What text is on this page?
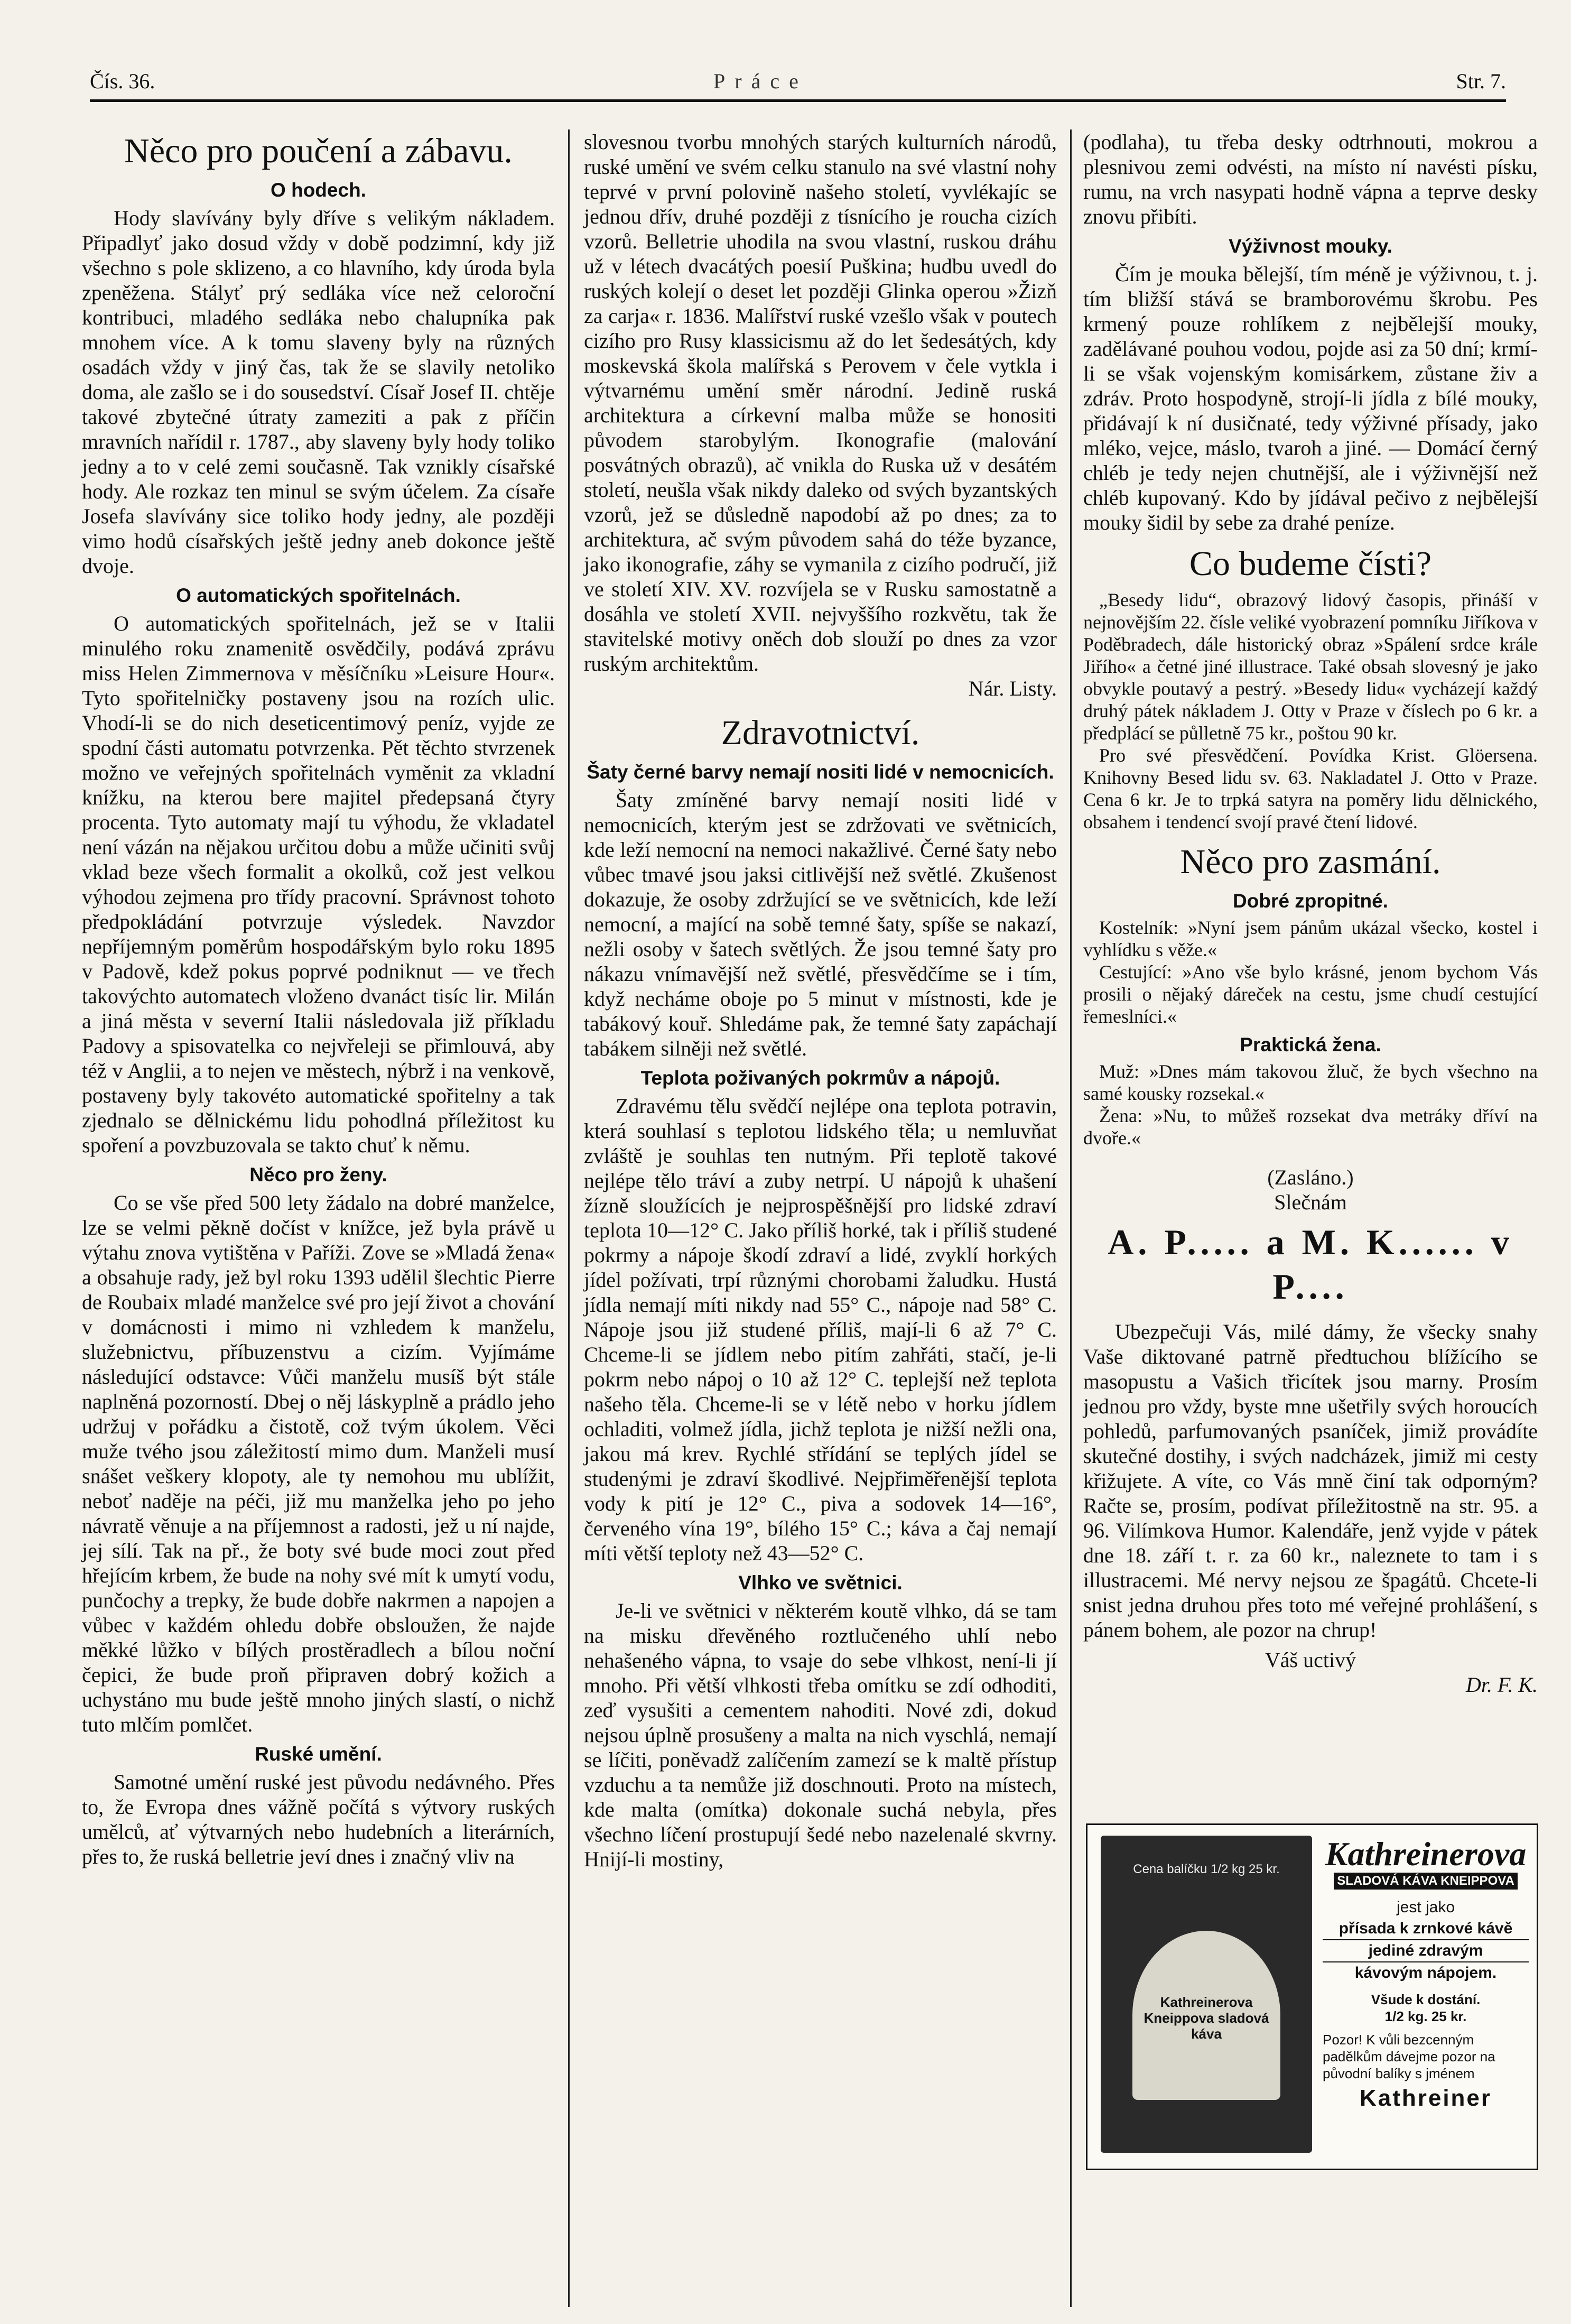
Čís. 36.	Práce	Str. 7.
Něco pro poučení a zábavu.
O hodech.

Hody slavívány byly dříve s velikým nákladem. Připadlyť jako dosud vždy v době podzimní, kdy již všechno s pole sklizeno, a co hlavního, kdy úroda byla zpeněžena. Stályť prý sedláka více než celoroční kontribuci, mladého sedláka nebo chalupníka pak mnohem více. A k tomu slaveny byly na různých osadách vždy v jiný čas, tak že se slavily netoliko doma, ale zašlo se i do sousedství. Císař Josef II. chtěje takové zbytečné útraty zameziti a pak z příčin mravních nařídil r. 1787., aby slaveny byly hody toliko jedny a to v celé zemi současně. Tak vznikly císařské hody. Ale rozkaz ten minul se svým účelem. Za císaře Josefa slavívány sice toliko hody jedny, ale později vimo hodů císařských ještě jedny aneb dokonce ještě dvoje.

O automatických spořitelnách.

O automatických spořitelnách, jež se v Italii minulého roku znamenitě osvědčily, podává zprávu miss Helen Zimmernova v měsíčníku »Leisure Hour«. Tyto spořitelničky postaveny jsou na rozích ulic. Vhodí-li se do nich deseticentimový peníz, vyjde ze spodní části automatu potvrzenka. Pět těchto stvrzenek možno ve veřejných spořitelnách vyměnit za vkladní knížku, na kterou bere majitel předepsaná čtyry procenta. Tyto automaty mají tu výhodu, že vkladatel není vázán na nějakou určitou dobu a může učiniti svůj vklad beze všech formalit a okolků, což jest velkou výhodou zejmena pro třídy pracovní. Správnost tohoto předpokládání potvrzuje výsledek. Navzdor nepříjemným poměrům hospodářským bylo roku 1895 v Padově, kdež pokus poprvé podniknut — ve třech takovýchto automatech vloženo dvanáct tisíc lir. Milán a jiná města v severní Italii následovala již příkladu Padovy a spisovatelka co nejvřeleji se přimlouvá, aby též v Anglii, a to nejen ve městech, nýbrž i na venkově, postaveny byly takovéto automatické spořitelny a tak zjednalo se dělnickému lidu pohodlná příležitost ku spoření a povzbuzovala se takto chuť k němu.

Něco pro ženy.

Co se vše před 500 lety žádalo na dobré manželce, lze se velmi pěkně dočíst v knížce, jež byla právě u výtahu znova vytištěna v Paříži. Zove se »Mladá žena« a obsahuje rady, jež byl roku 1393 udělil šlechtic Pierre de Roubaix mladé manželce své pro její život a chování v domácnosti i mimo ni vzhledem k manželu, služebnictvu, příbuzenstvu a cizím. Vyjímáme následující odstavce: Vůči manželu musíš být stále naplněná pozorností. Dbej o něj láskyplně a prádlo jeho udržuj v pořádku a čistotě, což tvým úkolem. Věci muže tvého jsou záležitostí mimo dum. Manželi musí snášet veškery klopoty, ale ty nemohou mu ublížit, neboť naděje na péči, již mu manželka jeho po jeho návratě věnuje a na příjemnost a radosti, jež u ní najde, jej sílí. Tak na př., že boty své bude moci zout před hřejícím krbem, že bude na nohy své mít k umytí vodu, punčochy a trepky, že bude dobře nakrmen a napojen a vůbec v každém ohledu dobře obsloužen, že najde měkké lůžko v bílých prostěradlech a bílou noční čepici, že bude proň připraven dobrý kožich a uchystáno mu bude ještě mnoho jiných slastí, o nichž tuto mlčím pomlčet.

Ruské umění.

Samotné umění ruské jest původu nedávného. Přes to, že Evropa dnes vážně počítá s výtvory ruských umělců, ať výtvarných nebo hudebních a literárních, přes to, že ruská belletrie jeví dnes i značný vliv na

slovesnou tvorbu mnohých starých kulturních národů, ruské umění ve svém celku stanulo na své vlastní nohy teprvé v první polovině našeho století, vyvlékajíc se jednou dřív, druhé později z tísnícího je roucha cizích vzorů. Belletrie uhodila na svou vlastní, ruskou dráhu už v létech dvacátých poesií Puškina; hudbu uvedl do ruských kolejí o deset let později Glinka operou »Žizň za carja« r. 1836. Malířství ruské vzešlo však v poutech cizího pro Rusy klassicismu až do let šedesátých, kdy moskevská škola malířská s Perovem v čele vytkla i výtvarnému umění směr národní. Jedině ruská architektura a církevní malba může se honositi původem starobylým. Ikonografie (malování posvátných obrazů), ač vnikla do Ruska už v desátém století, neušla však nikdy daleko od svých byzantských vzorů, jež se důsledně napodobí až po dnes; za to architektura, ač svým původem sahá do téže byzance, jako ikonografie, záhy se vymanila z cizího područí, již ve století XIV. XV. rozvíjela se v Rusku samostatně a dosáhla ve století XVII. nejvyššího rozkvětu, tak že stavitelské motivy oněch dob slouží po dnes za vzor ruským architektům.

Nár. Listy.

Zdravotnictví.
Šaty černé barvy nemají nositi lidé v nemocnicích.

Šaty zmíněné barvy nemají nositi lidé v nemocnicích, kterým jest se zdržovati ve světnicích, kde leží nemocní na nemoci nakažlivé. Černé šaty nebo vůbec tmavé jsou jaksi citlivější než světlé. Zkušenost dokazuje, že osoby zdržující se ve světnicích, kde leží nemocní, a mající na sobě temné šaty, spíše se nakazí, nežli osoby v šatech světlých. Že jsou temné šaty pro nákazu vnímavější než světlé, přesvědčíme se i tím, když necháme oboje po 5 minut v místnosti, kde je tabákový kouř. Shledáme pak, že temné šaty zapáchají tabákem silněji než světlé.

Teplota poživaných pokrmův a nápojů.

Zdravému tělu svědčí nejlépe ona teplota potravin, která souhlasí s teplotou lidského těla; u nemluvňat zvláště je souhlas ten nutným. Při teplotě takové nejlépe tělo tráví a zuby netrpí. U nápojů k uhašení žízně sloužících je nejprospěšnější pro lidské zdraví teplota 10—12° C. Jako příliš horké, tak i příliš studené pokrmy a nápoje škodí zdraví a lidé, zvyklí horkých jídel požívati, trpí různými chorobami žaludku. Hustá jídla nemají míti nikdy nad 55° C., nápoje nad 58° C. Nápoje jsou již studené příliš, mají-li 6 až 7° C. Chceme-li se jídlem nebo pitím zahřáti, stačí, je-li pokrm nebo nápoj o 10 až 12° C. teplejší než teplota našeho těla. Chceme-li se v létě nebo v horku jídlem ochladiti, volmež jídla, jichž teplota je nižší nežli ona, jakou má krev. Rychlé střídání se teplých jídel se studenými je zdraví škodlivé. Nejpřiměřenější teplota vody k pití je 12° C., piva a sodovek 14—16°, červeného vína 19°, bílého 15° C.; káva a čaj nemají míti větší teploty než 43—52° C.

Vlhko ve světnici.

Je-li ve světnici v některém koutě vlhko, dá se tam na misku dřevěného roztlučeného uhlí nebo nehašeného vápna, to vsaje do sebe vlhkost, není-li jí mnoho. Při větší vlhkosti třeba omítku se zdí odhoditi, zeď vysušiti a cementem nahoditi. Nové zdi, dokud nejsou úplně prosušeny a malta na nich vyschlá, nemají se líčiti, poněvadž zalíčením zamezí se k maltě přístup vzduchu a ta nemůže již doschnouti. Proto na místech, kde malta (omítka) dokonale suchá nebyla, přes všechno líčení prostupují šedé nebo nazelenalé skvrny. Hnijí-li mostiny,

(podlaha), tu třeba desky odtrhnouti, mokrou a plesnivou zemi odvésti, na místo ní navésti písku, rumu, na vrch nasypati hodně vápna a teprve desky znovu přibíti.

Výživnost mouky.

Čím je mouka bělejší, tím méně je výživnou, t. j. tím bližší stává se bramborovému škrobu. Pes krmený pouze rohlíkem z nejbělejší mouky, zadělávané pouhou vodou, pojde asi za 50 dní; krmí-li se však vojenským komisárkem, zůstane živ a zdráv. Proto hospodyně, strojí-li jídla z bílé mouky, přidávají k ní dusičnaté, tedy výživné přísady, jako mléko, vejce, máslo, tvaroh a jiné. — Domácí černý chléb je tedy nejen chutnější, ale i výživnější než chléb kupovaný. Kdo by jídával pečivo z nejbělejší mouky šidil by sebe za drahé peníze.

Co budeme čísti?

„Besedy lidu“, obrazový lidový časopis, přináší v nejnovějším 22. čísle veliké vyobrazení pomníku Jiříkova v Poděbradech, dále historický obraz »Spálení srdce krále Jiřího« a četné jiné illustrace. Také obsah slovesný je jako obvykle poutavý a pestrý. »Besedy lidu« vycházejí každý druhý pátek nákladem J. Otty v Praze v číslech po 6 kr. a předplácí se půlletně 75 kr., poštou 90 kr.

Pro své přesvědčení. Povídka Krist. Glöersena. Knihovny Besed lidu sv. 63. Nakladatel J. Otto v Praze. Cena 6 kr. Je to trpká satyra na poměry lidu dělnického, obsahem i tendencí svojí pravé čtení lidové.

Něco pro zasmání.
Dobré zpropitné.

Kostelník: »Nyní jsem pánům ukázal všecko, kostel i vyhlídku s věže.«

Cestující: »Ano vše bylo krásné, jenom bychom Vás prosili o nějaký dáreček na cestu, jsme chudí cestující řemeslníci.«

Praktická žena.

Muž: »Dnes mám takovou žluč, že bych všechno na samé kousky rozsekal.«

Žena: »Nu, to můžeš rozsekat dva metráky dříví na dvoře.«

(Zasláno.)

Slečnám

A. P..... a M. K...... v P....

Ubezpečuji Vás, milé dámy, že všecky snahy Vaše diktované patrně předtuchou blížícího se masopustu a Vašich třicítek jsou marny. Prosím jednou pro vždy, byste mne ušetřily svých horoucích pohledů, parfumovaných psaníček, jimiž provádíte skutečné dostihy, i svých nadcházek, jimiž mi cesty křižujete. A víte, co Vás mně činí tak odporným? Račte se, prosím, podívat příležitostně na str. 95. a 96. Vilímkova Humor. Kalendáře, jenž vyjde v pátek dne 18. září t. r. za 60 kr., naleznete to tam i s illustracemi. Mé nervy nejsou ze špagátů. Chcete-li snist jedna druhou přes toto mé veřejné prohlášení, s pánem bohem, ale pozor na chrup!

Váš uctivý

Dr. F. K.

Cena balíčku 1/2 kg 25 kr.
Kathreinerova Kneippova sladová káva
Kathreinerova
SLADOVÁ KÁVA KNEIPPOVA
jest jako
přísada k zrnkové kávě
jediné zdravým
kávovým nápojem.
Všude k dostání.
1/2 kg. 25 kr.
Pozor! K vůli bezcenným padělkům dávejme pozor na původní balíky s jménem
Kathreiner
